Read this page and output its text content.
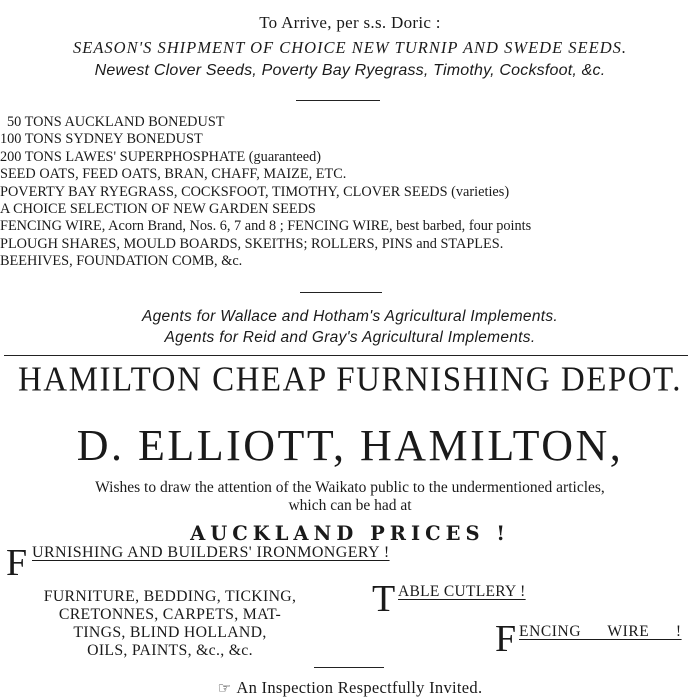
To Arrive, per s.s. Doric :
SEASON'S SHIPMENT OF CHOICE NEW TURNIP AND SWEDE SEEDS.
Newest Clover Seeds, Poverty Bay Ryegrass, Timothy, Cocksfoot, &c.
50 TONS AUCKLAND BONEDUST
100 TONS SYDNEY BONEDUST
200 TONS LAWES' SUPERPHOSPHATE (guaranteed)
SEED OATS, FEED OATS, BRAN, CHAFF, MAIZE, ETC.
POVERTY BAY RYEGRASS, COCKSFOOT, TIMOTHY, CLOVER SEEDS (varieties)
A CHOICE SELECTION OF NEW GARDEN SEEDS
FENCING WIRE, Acorn Brand, Nos. 6, 7 and 8 ; FENCING WIRE, best barbed, four points
PLOUGH SHARES, MOULD BOARDS, SKEITHS; ROLLERS, PINS and STAPLES.
BEEHIVES, FOUNDATION COMB, &c.
Agents for Wallace and Hotham's Agricultural Implements.
Agents for Reid and Gray's Agricultural Implements.
HAMILTON CHEAP FURNISHING DEPOT.
D. ELLIOTT, HAMILTON,
Wishes to draw the attention of the Waikato public to the undermentioned articles,
which can be had at
AUCKLAND PRICES !
F URNISHING AND BUILDERS' IRONMONGERY !
FURNITURE, BEDDING, TICKING,
CRETONNES, CARPETS, MAT-
TINGS, BLIND HOLLAND,
OILS, PAINTS, &c., &c.
T ABLE CUTLERY !
F ENCING WIRE !
☞ An Inspection Respectfully Invited.
